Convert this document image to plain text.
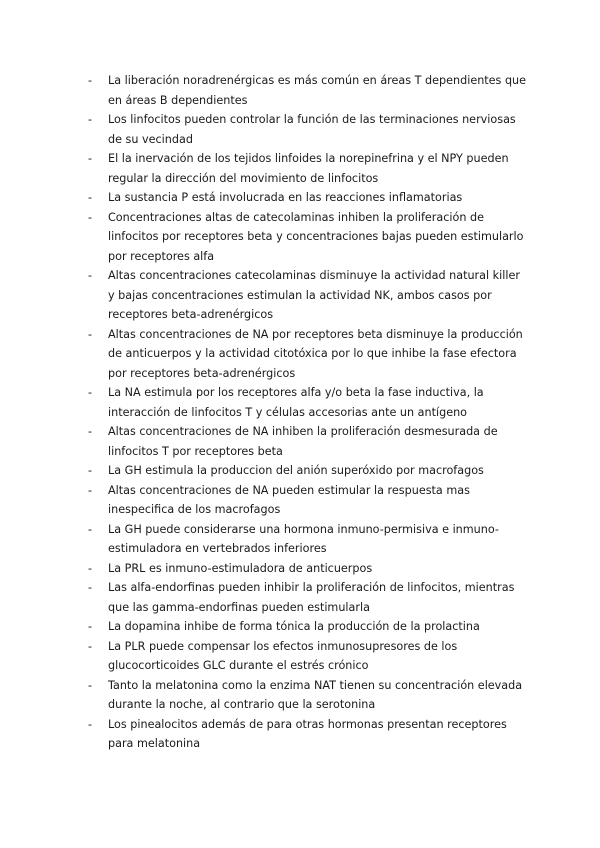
-	La liberación noradrenérgicas es más común en áreas T dependientes que en áreas B dependientes
-	Los linfocitos pueden controlar la función de las terminaciones nerviosas de su vecindad
-	El la inervación de los tejidos linfoides la norepinefrina y el NPY pueden regular la dirección del movimiento de linfocitos
-	La sustancia P está involucrada en las reacciones inflamatorias
-	Concentraciones altas de catecolaminas inhiben la proliferación de linfocitos por receptores beta y concentraciones bajas pueden estimularlo por receptores alfa
-	Altas concentraciones catecolaminas disminuye la actividad natural killer y bajas concentraciones estimulan la actividad NK, ambos casos por receptores beta-adrenérgicos
-	Altas concentraciones de NA por receptores beta disminuye la producción de anticuerpos y la actividad citotóxica por lo que inhibe la fase efectora por receptores beta-adrenérgicos
-	La NA estimula por los receptores alfa y/o beta la fase inductiva, la interacción de linfocitos T y células accesorias ante un antígeno
-	Altas concentraciones de NA inhiben la proliferación desmesurada de linfocitos T por receptores beta
-	La GH estimula la produccion del anión superóxido por macrofagos
-	Altas concentraciones de NA pueden estimular la respuesta mas inespecifica de los macrofagos
-	La GH puede considerarse una hormona inmuno-permisiva e inmuno-estimuladora en vertebrados inferiores
-	La PRL es inmuno-estimuladora de anticuerpos
-	Las alfa-endorfinas pueden inhibir la proliferación de linfocitos, mientras que las gamma-endorfinas pueden estimularla
-	La dopamina inhibe de forma tónica la producción de la prolactina
-	La PLR puede compensar los efectos inmunosupresores de los glucocorticoides GLC durante el estrés crónico
-	Tanto la melatonina como la enzima NAT tienen su concentración elevada durante la noche, al contrario que la serotonina
-	Los pinealocitos además de para otras hormonas presentan receptores para melatonina
